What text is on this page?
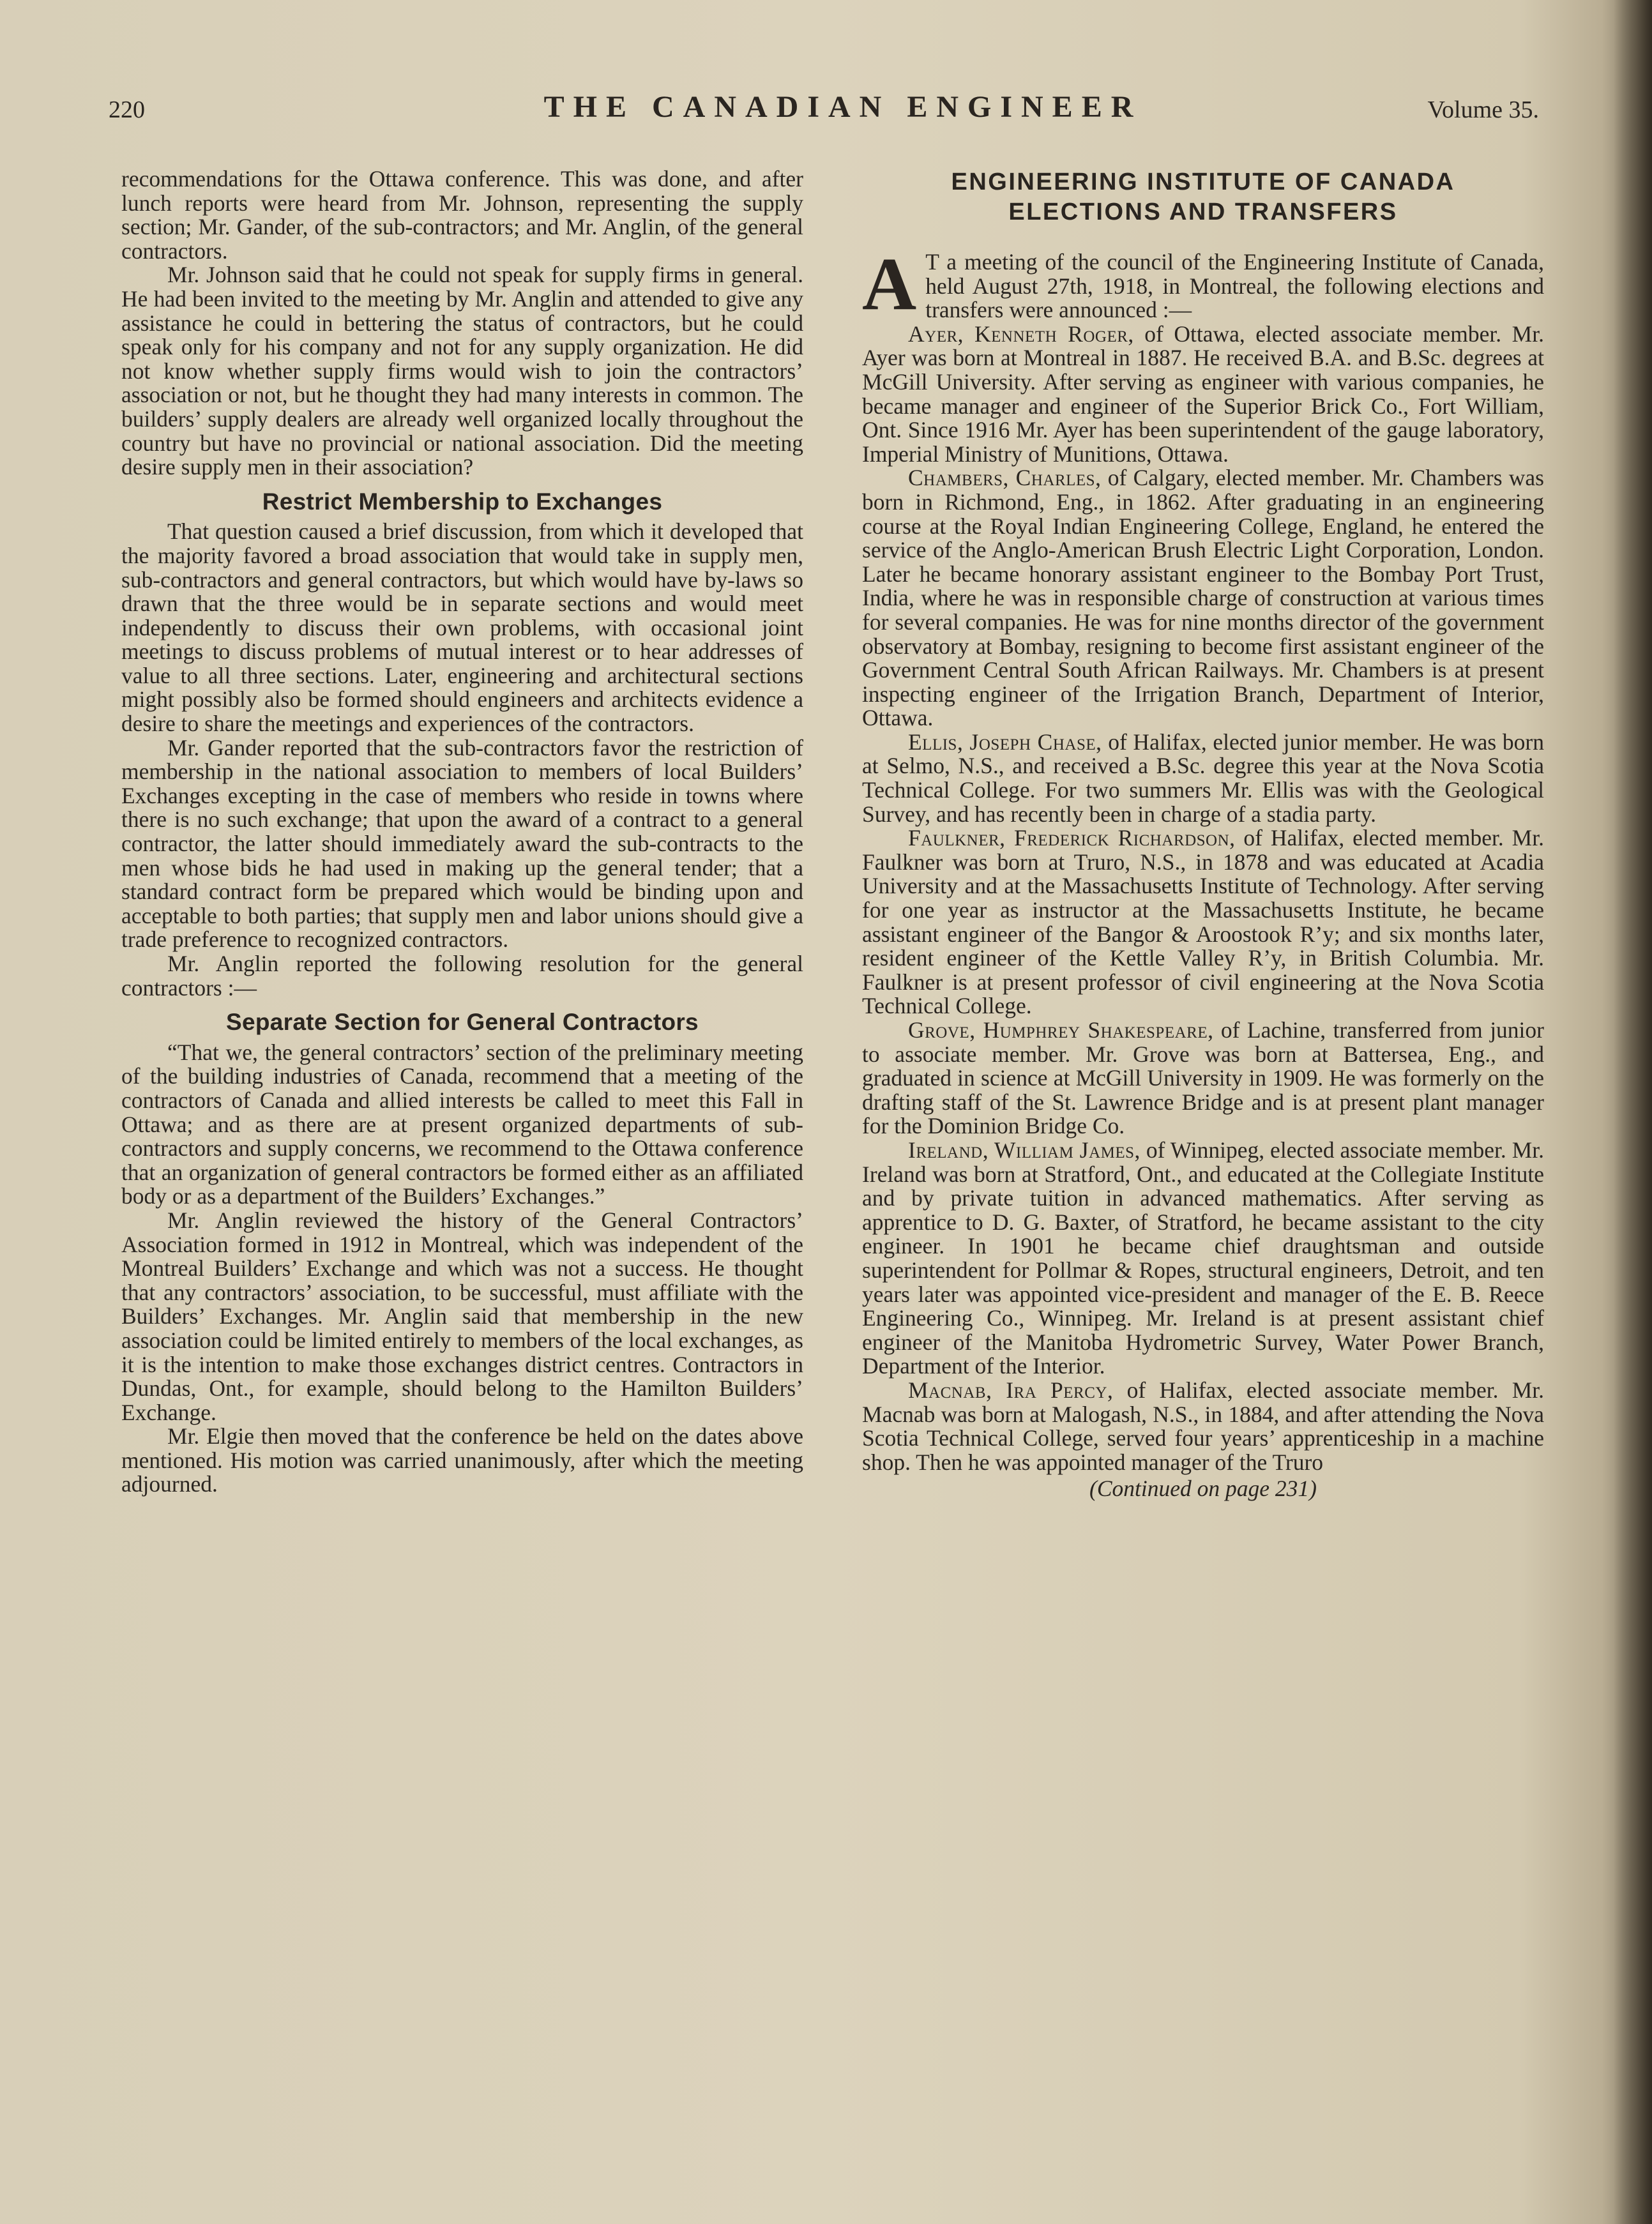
220	THE CANADIAN ENGINEER	Volume 35.

recommendations for the Ottawa conference. This was done, and after lunch reports were heard from Mr. Johnson, representing the supply section; Mr. Gander, of the sub-contractors; and Mr. Anglin, of the general contractors.

Mr. Johnson said that he could not speak for supply firms in general. He had been invited to the meeting by Mr. Anglin and attended to give any assistance he could in bettering the status of contractors, but he could speak only for his company and not for any supply organization. He did not know whether supply firms would wish to join the contractors’ association or not, but he thought they had many interests in common. The builders’ supply dealers are already well organized locally throughout the country but have no provincial or national association. Did the meeting desire supply men in their association?

Restrict Membership to Exchanges

That question caused a brief discussion, from which it developed that the majority favored a broad association that would take in supply men, sub-contractors and general contractors, but which would have by-laws so drawn that the three would be in separate sections and would meet independently to discuss their own problems, with occasional joint meetings to discuss problems of mutual interest or to hear addresses of value to all three sections. Later, engineering and architectural sections might possibly also be formed should engineers and architects evidence a desire to share the meetings and experiences of the contractors.

Mr. Gander reported that the sub-contractors favor the restriction of membership in the national association to members of local Builders’ Exchanges excepting in the case of members who reside in towns where there is no such exchange; that upon the award of a contract to a general contractor, the latter should immediately award the sub-contracts to the men whose bids he had used in making up the general tender; that a standard contract form be prepared which would be binding upon and acceptable to both parties; that supply men and labor unions should give a trade preference to recognized contractors.

Mr. Anglin reported the following resolution for the general contractors :—

Separate Section for General Contractors

“That we, the general contractors’ section of the preliminary meeting of the building industries of Canada, recommend that a meeting of the contractors of Canada and allied interests be called to meet this Fall in Ottawa; and as there are at present organized departments of sub-contractors and supply concerns, we recommend to the Ottawa conference that an organization of general contractors be formed either as an affiliated body or as a department of the Builders’ Exchanges.”

Mr. Anglin reviewed the history of the General Contractors’ Association formed in 1912 in Montreal, which was independent of the Montreal Builders’ Exchange and which was not a success. He thought that any contractors’ association, to be successful, must affiliate with the Builders’ Exchanges. Mr. Anglin said that membership in the new association could be limited entirely to members of the local exchanges, as it is the intention to make those exchanges district centres. Contractors in Dundas, Ont., for example, should belong to the Hamilton Builders’ Exchange.

Mr. Elgie then moved that the conference be held on the dates above mentioned. His motion was carried unanimously, after which the meeting adjourned.

ENGINEERING INSTITUTE OF CANADA
ELECTIONS AND TRANSFERS

A T a meeting of the council of the Engineering Institute of Canada, held August 27th, 1918, in Montreal, the following elections and transfers were announced :—

Ayer, Kenneth Roger, of Ottawa, elected associate member. Mr. Ayer was born at Montreal in 1887. He received B.A. and B.Sc. degrees at McGill University. After serving as engineer with various companies, he became manager and engineer of the Superior Brick Co., Fort William, Ont. Since 1916 Mr. Ayer has been superintendent of the gauge laboratory, Imperial Ministry of Munitions, Ottawa.

Chambers, Charles, of Calgary, elected member. Mr. Chambers was born in Richmond, Eng., in 1862. After graduating in an engineering course at the Royal Indian Engineering College, England, he entered the service of the Anglo-American Brush Electric Light Corporation, London. Later he became honorary assistant engineer to the Bombay Port Trust, India, where he was in responsible charge of construction at various times for several companies. He was for nine months director of the government observatory at Bombay, resigning to become first assistant engineer of the Government Central South African Railways. Mr. Chambers is at present inspecting engineer of the Irrigation Branch, Department of Interior, Ottawa.

Ellis, Joseph Chase, of Halifax, elected junior member. He was born at Selmo, N.S., and received a B.Sc. degree this year at the Nova Scotia Technical College. For two summers Mr. Ellis was with the Geological Survey, and has recently been in charge of a stadia party.

Faulkner, Frederick Richardson, of Halifax, elected member. Mr. Faulkner was born at Truro, N.S., in 1878 and was educated at Acadia University and at the Massachusetts Institute of Technology. After serving for one year as instructor at the Massachusetts Institute, he became assistant engineer of the Bangor & Aroostook R’y; and six months later, resident engineer of the Kettle Valley R’y, in British Columbia. Mr. Faulkner is at present professor of civil engineering at the Nova Scotia Technical College.

Grove, Humphrey Shakespeare, of Lachine, transferred from junior to associate member. Mr. Grove was born at Battersea, Eng., and graduated in science at McGill University in 1909. He was formerly on the drafting staff of the St. Lawrence Bridge and is at present plant manager for the Dominion Bridge Co.

Ireland, William James, of Winnipeg, elected associate member. Mr. Ireland was born at Stratford, Ont., and educated at the Collegiate Institute and by private tuition in advanced mathematics. After serving as apprentice to D. G. Baxter, of Stratford, he became assistant to the city engineer. In 1901 he became chief draughtsman and outside superintendent for Pollmar & Ropes, structural engineers, Detroit, and ten years later was appointed vice-president and manager of the E. B. Reece Engineering Co., Winnipeg. Mr. Ireland is at present assistant chief engineer of the Manitoba Hydrometric Survey, Water Power Branch, Department of the Interior.

Macnab, Ira Percy, of Halifax, elected associate member. Mr. Macnab was born at Malogash, N.S., in 1884, and after attending the Nova Scotia Technical College, served four years’ apprenticeship in a machine shop. Then he was appointed manager of the Truro

(Continued on page 231)
